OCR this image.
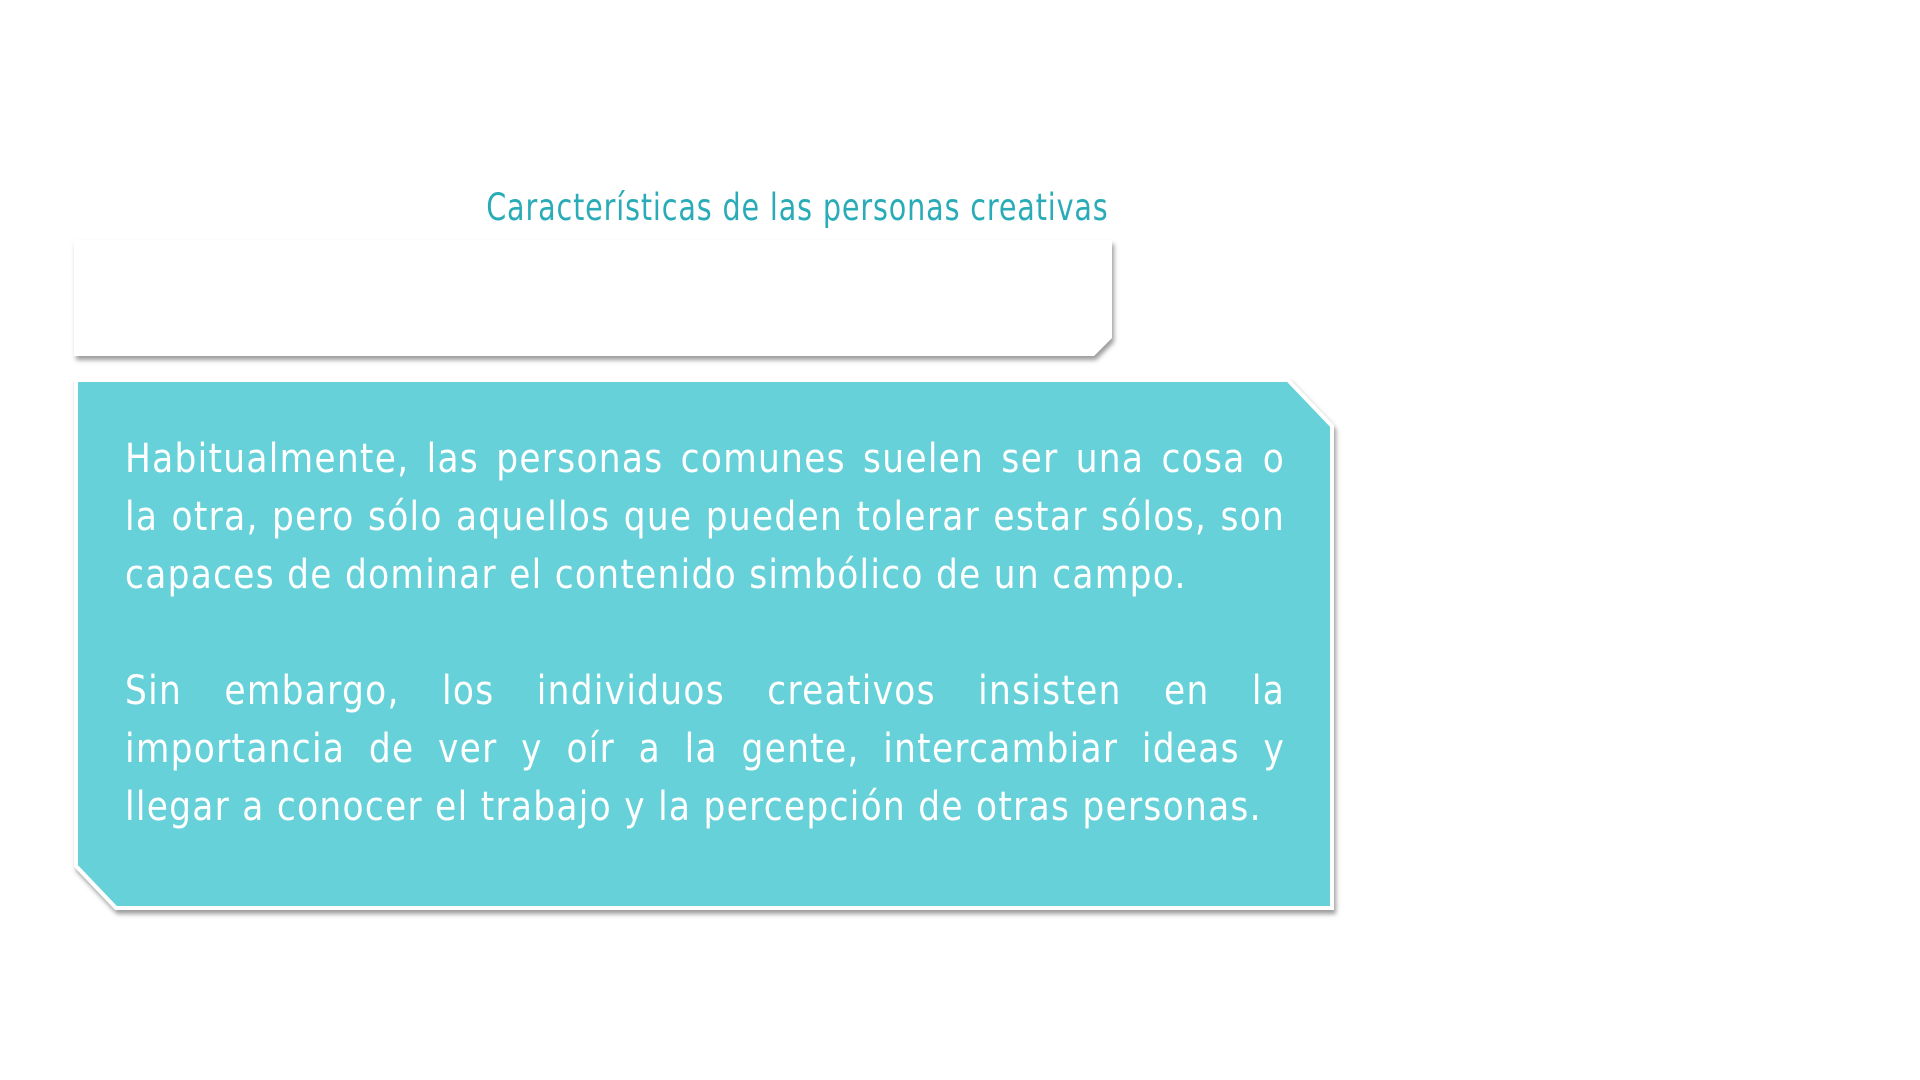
Características de las personas creativas

Habitualmente, las personas comunes suelen ser una cosa o la otra, pero sólo aquellos que pueden tolerar estar sólos, son capaces de dominar el contenido simbólico de un campo.

Sin embargo, los individuos creativos insisten en la importancia de ver y oír a la gente, intercambiar ideas y llegar a conocer el trabajo y la percepción de otras personas.
